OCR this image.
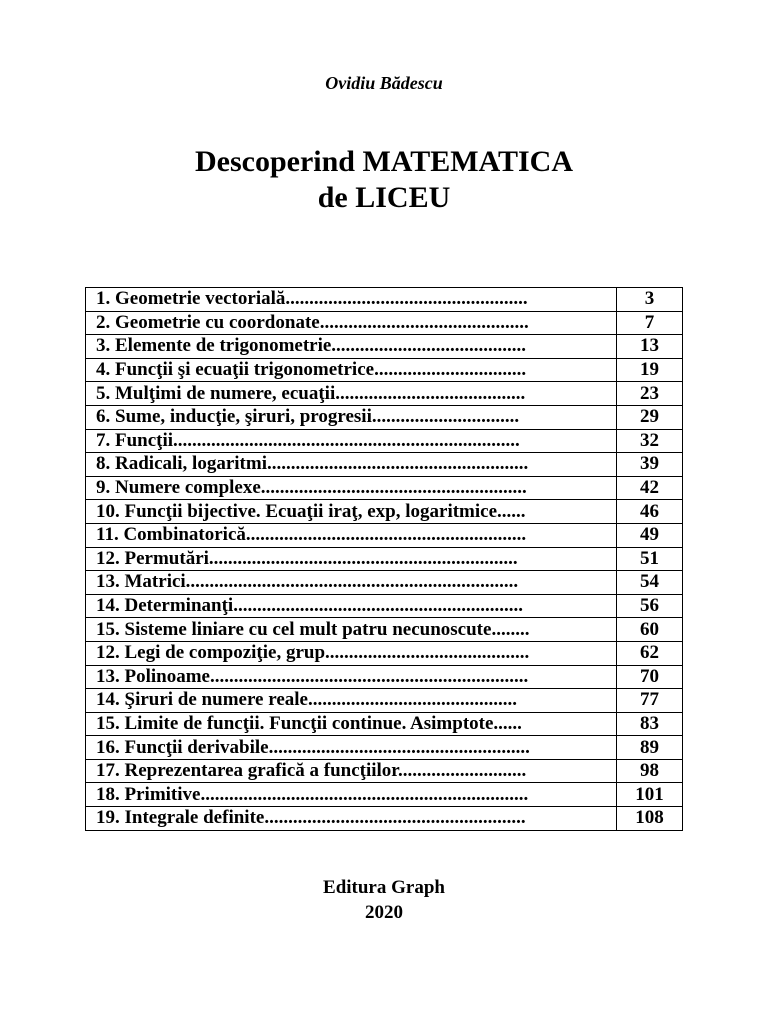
Ovidiu Bădescu
Descoperind MATEMATICA
de LICEU
1. Geometrie vectorială...................................................	3
2. Geometrie cu coordonate............................................	7
3. Elemente de trigonometrie.........................................	13
4. Funcţii şi ecuaţii trigonometrice................................	19
5. Mulţimi de numere, ecuaţii........................................	23
6. Sume, inducţie, şiruri, progresii...............................	29
7. Funcţii.........................................................................	32
8. Radicali, logaritmi.......................................................	39
9. Numere complexe........................................................	42
10. Funcţii bijective. Ecuaţii iraţ, exp, logaritmice......	46
11. Combinatorică...........................................................	49
12. Permutări.................................................................	51
13. Matrici......................................................................	54
14. Determinanţi.............................................................	56
15. Sisteme liniare cu cel mult patru necunoscute........	60
12. Legi de compoziţie, grup...........................................	62
13. Polinoame...................................................................	70
14. Şiruri de numere reale............................................	77
15. Limite de funcţii. Funcţii continue. Asimptote......	83
16. Funcţii derivabile.......................................................	89
17. Reprezentarea grafică a funcţiilor...........................	98
18. Primitive.....................................................................	101
19. Integrale definite.......................................................	108
Editura Graph
2020
